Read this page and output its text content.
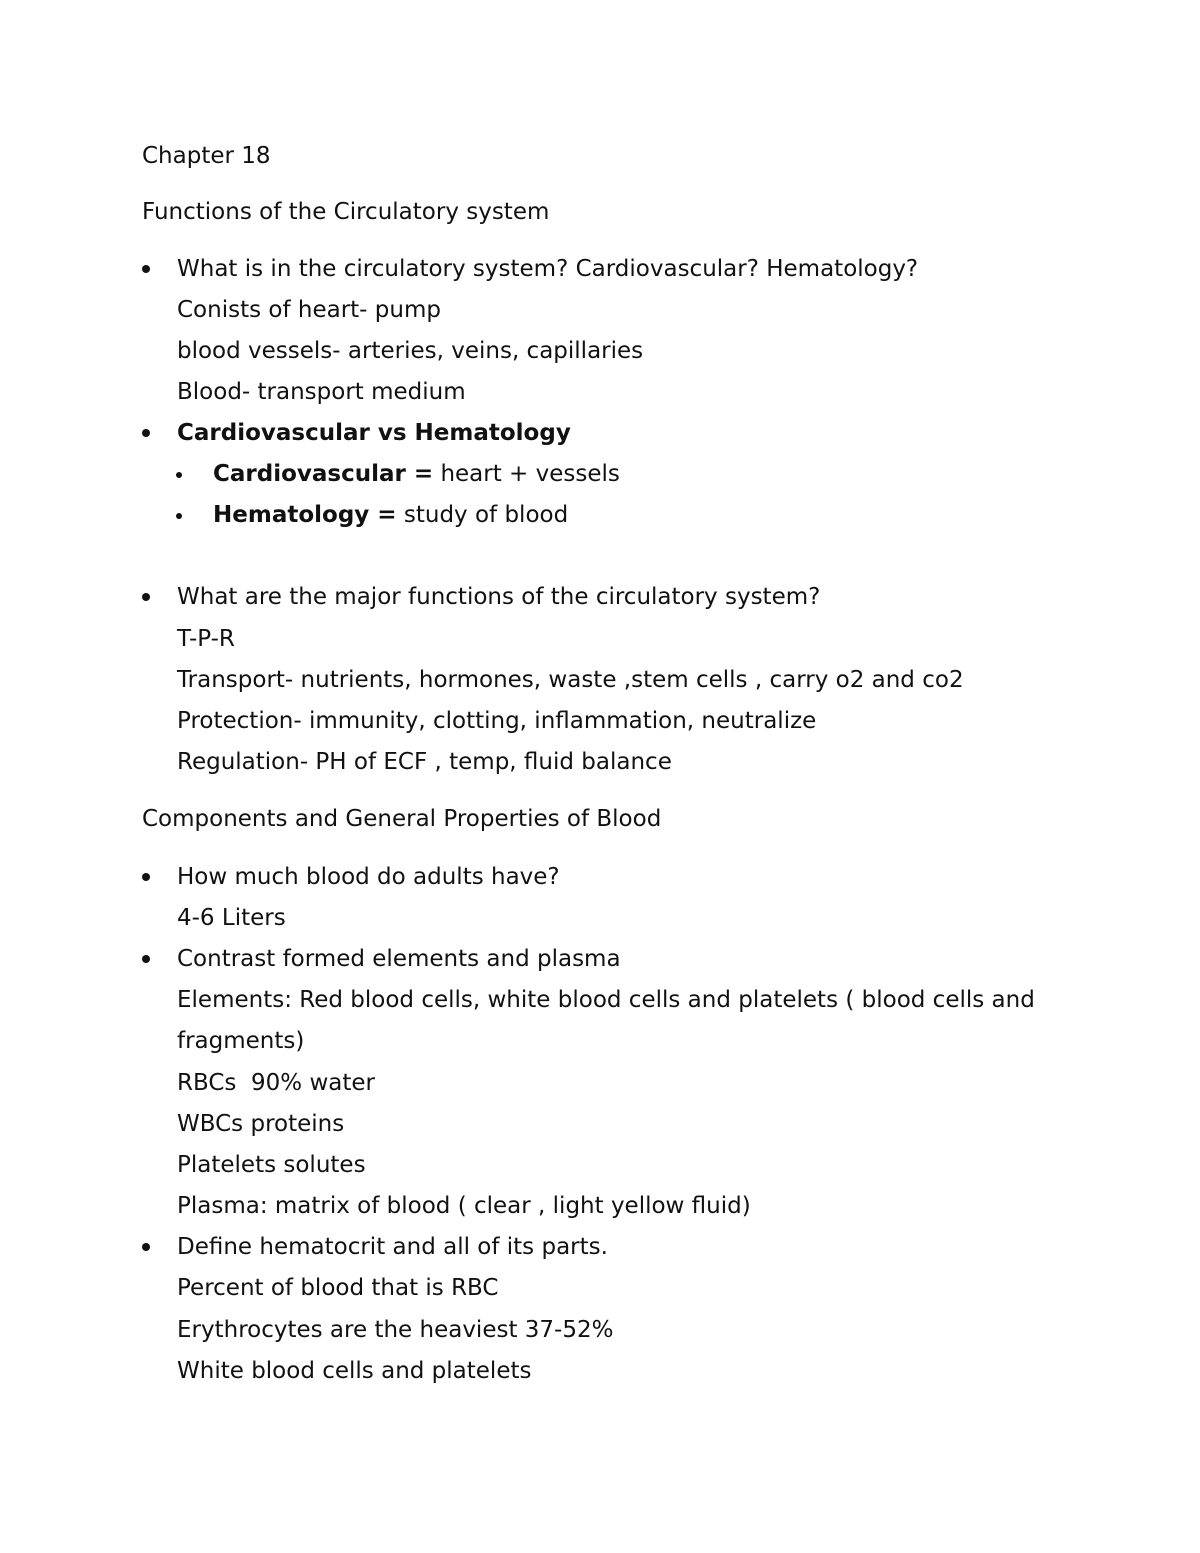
Chapter 18
Functions of the Circulatory system
What is in the circulatory system? Cardiovascular? Hematology?
Conists of heart- pump
blood vessels- arteries, veins, capillaries
Blood- transport medium
Cardiovascular vs Hematology
Cardiovascular = heart + vessels
Hematology = study of blood
What are the major functions of the circulatory system?
T-P-R
Transport- nutrients, hormones, waste ,stem cells , carry o2 and co2
Protection- immunity, clotting, inflammation, neutralize
Regulation- PH of ECF , temp, fluid balance
Components and General Properties of Blood
How much blood do adults have?
4-6 Liters
Contrast formed elements and plasma
Elements: Red blood cells, white blood cells and platelets ( blood cells and
fragments)
RBCs  90% water
WBCs proteins
Platelets solutes
Plasma: matrix of blood ( clear , light yellow fluid)
Define hematocrit and all of its parts.
Percent of blood that is RBC
Erythrocytes are the heaviest 37-52%
White blood cells and platelets
